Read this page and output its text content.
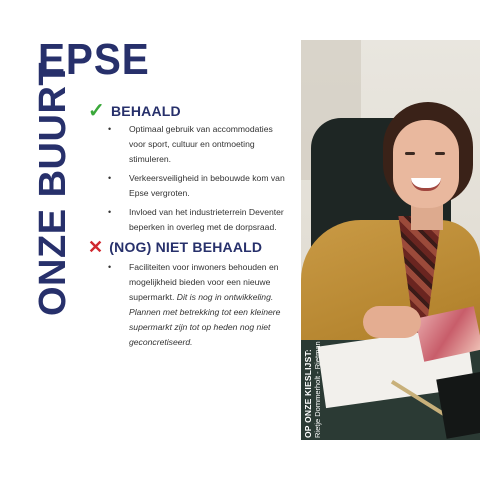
ONZE BUURT
EPSE
✓ BEHAALD
• Optimaal gebruik van accommodaties voor sport, cultuur en ontmoeting stimuleren.
• Verkeersveiligheid in bebouwde kom van Epse vergroten.
• Invloed van het industrieterrein Deventer beperken in overleg met de dorpsraad.
✕ (NOG) NIET BEHAALD
• Faciliteiten voor inwoners behouden en mogelijkheid bieden voor een nieuwe supermarkt. Dit is nog in ontwikkeling. Plannen met betrekking tot een kleinere supermarkt zijn tot op heden nog niet geconcretiseerd.
OP ONZE KIESLIJST: Rietje Dommerholt - Rietman
